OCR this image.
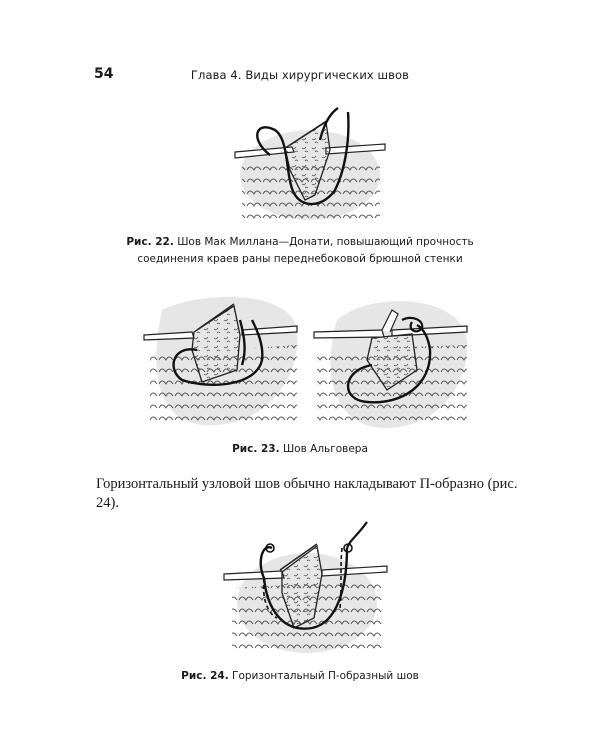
54	Глава 4. Виды хирургических швов
Рис. 22. Шов Мак Миллана—Донати, повышающий прочность
соединения краев раны переднебоковой брюшной стенки
Рис. 23. Шов Альговера
Горизонтальный узловой шов обычно накладывают П-образно (рис. 24).
Рис. 24. Горизонтальный П-образный шов
